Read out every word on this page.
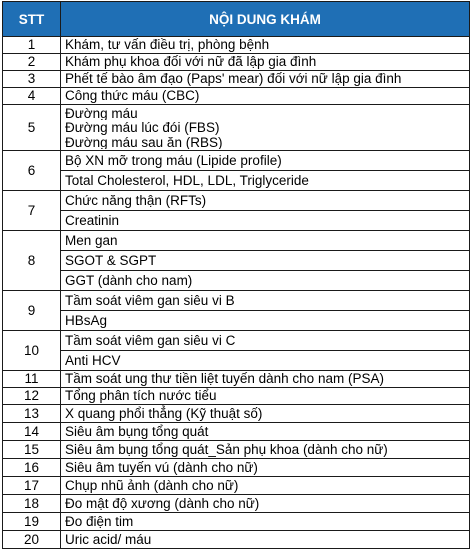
STT	NỘI DUNG KHÁM
1	Khám, tư vấn điều trị, phòng bệnh
2	Khám phụ khoa đối với nữ đã lập gia đình
3	Phết tế bào âm đạo (Paps' mear) đối với nữ lập gia đình
4	Công thức máu (CBC)
5	Đường máu
Đường máu lúc đói (FBS)
Đường máu sau ăn (RBS)

6	Bộ XN mỡ trong máu (Lipide profile)
	Total Cholesterol, HDL, LDL, Triglyceride
7	Chức năng thận (RFTs)
	Creatinin
8	Men gan
	SGOT & SGPT
	GGT (dành cho nam)
9	Tầm soát viêm gan siêu vi B
	HBsAg
10	Tầm soát viêm gan siêu vi C
	Anti HCV
11	Tầm soát ung thư tiền liệt tuyến dành cho nam (PSA)
12	Tổng phân tích nước tiểu
13	X quang phổi thẳng (Kỹ thuật số)
14	Siêu âm bụng tổng quát
15	Siêu âm bụng tổng quát_Sản phụ khoa (dành cho nữ)
16	Siêu âm tuyến vú (dành cho nữ)
17	Chụp nhũ ảnh (dành cho nữ)
18	Đo mật độ xương (dành cho nữ)
19	Đo điện tim
20	Uric acid/ máu
